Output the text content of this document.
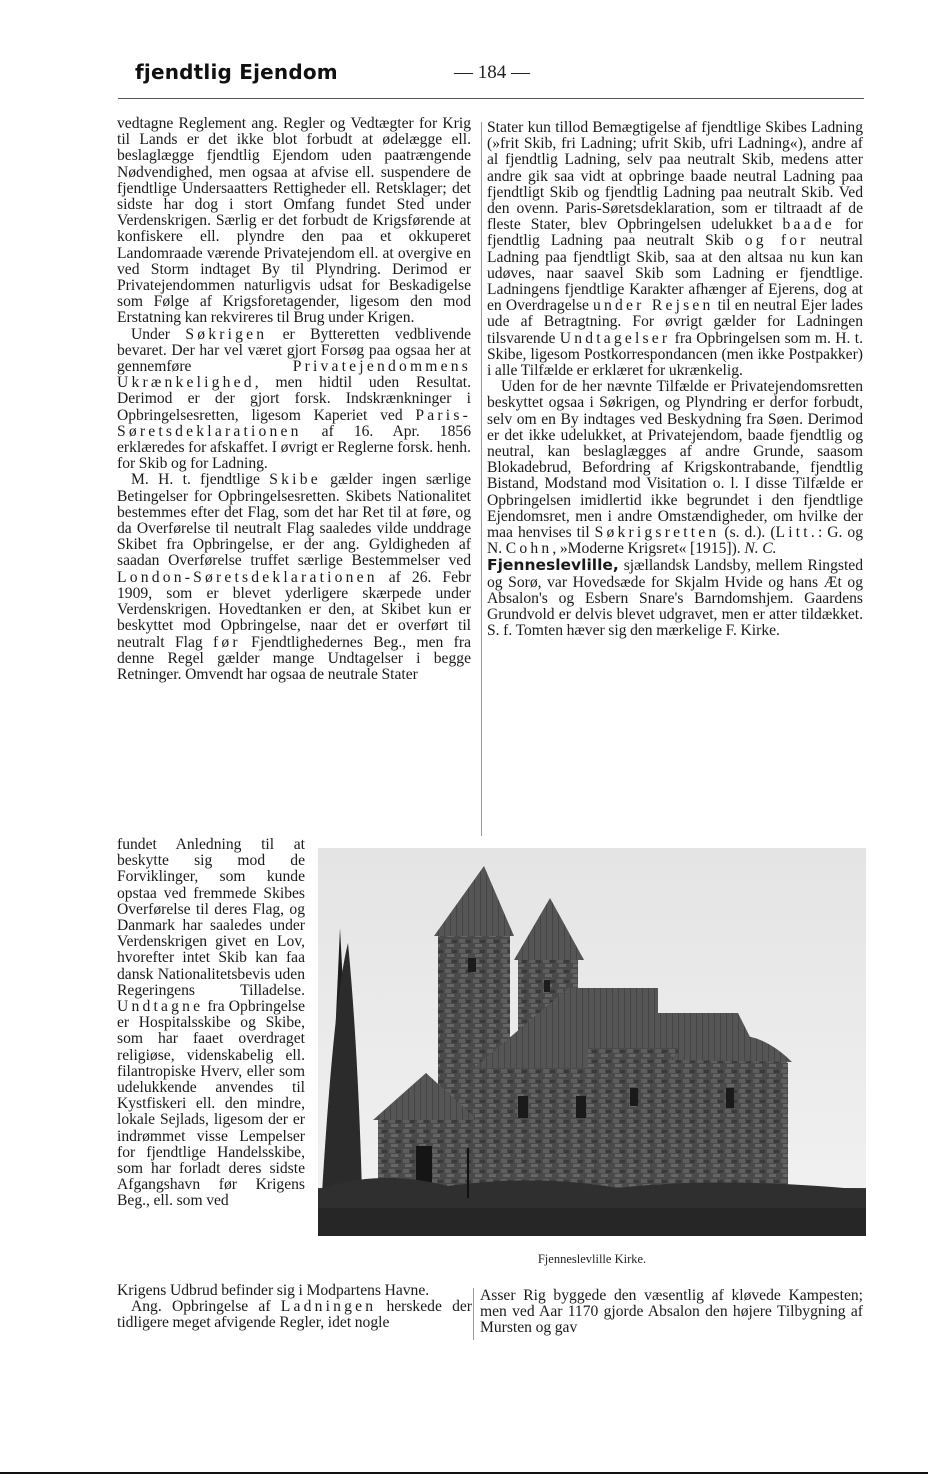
fjendtlig Ejendom	— 184 —

vedtagne Reglement ang. Regler og Vedtægter for Krig til Lands er det ikke blot forbudt at ødelægge ell. beslaglægge fjendtlig Ejendom uden paatrængende Nødvendighed, men ogsaa at afvise ell. suspendere de fjendtlige Undersaatters Rettigheder ell. Retsklager; det sidste har dog i stort Omfang fundet Sted under Verdenskrigen. Særlig er det forbudt de Krigsførende at konfiskere ell. plyndre den paa et okkuperet Landomraade værende Privatejendom ell. at overgive en ved Storm indtaget By til Plyndring. Derimod er Privatejendommen naturligvis udsat for Beskadigelse som Følge af Krigsforetagender, ligesom den mod Erstatning kan rekvireres til Brug under Krigen.

Under Søkrigen er Bytteretten vedblivende bevaret. Der har vel været gjort Forsøg paa ogsaa her at gennemføre Privatejendommens Ukrænkelighed, men hidtil uden Resultat. Derimod er der gjort forsk. Indskrænkninger i Opbringelsesretten, ligesom Kaperiet ved Paris-Søretsdeklarationen af 16. Apr. 1856 erklæredes for afskaffet. I øvrigt er Reglerne forsk. henh. for Skib og for Ladning.

M. H. t. fjendtlige Skibe gælder ingen særlige Betingelser for Opbringelsesretten. Skibets Nationalitet bestemmes efter det Flag, som det har Ret til at føre, og da Overførelse til neutralt Flag saaledes vilde unddrage Skibet fra Opbringelse, er der ang. Gyldigheden af saadan Overførelse truffet særlige Bestemmelser ved London-Søretsdeklarationen af 26. Febr 1909, som er blevet yderligere skærpede under Verdenskrigen. Hovedtanken er den, at Skibet kun er beskyttet mod Opbringelse, naar det er overført til neutralt Flag før Fjendtlighedernes Beg., men fra denne Regel gælder mange Undtagelser i begge Retninger. Omvendt har ogsaa de neutrale Stater

fundet Anledning til at beskytte sig mod de Forviklinger, som kunde opstaa ved fremmede Skibes Overførelse til deres Flag, og Danmark har saaledes under Verdenskrigen givet en Lov, hvorefter intet Skib kan faa dansk Nationalitetsbevis uden Regeringens Tilladelse. Undtagne fra Opbringelse er Hospitalsskibe og Skibe, som har faaet overdraget religiøse, videnskabelig ell. filantropiske Hverv, eller som udelukkende anvendes til Kystfiskeri ell. den mindre, lokale Sejlads, ligesom der er indrømmet visse Lempelser for fjendtlige Handelsskibe, som har forladt deres sidste Afgangshavn før Krigens Beg., ell. som ved

Stater kun tillod Bemægtigelse af fjendtlige Skibes Ladning (»frit Skib, fri Ladning; ufrit Skib, ufri Ladning«), andre af al fjendtlig Ladning, selv paa neutralt Skib, medens atter andre gik saa vidt at opbringe baade neutral Ladning paa fjendtligt Skib og fjendtlig Ladning paa neutralt Skib. Ved den ovenn. Paris-Søretsdeklaration, som er tiltraadt af de fleste Stater, blev Opbringelsen udelukket baade for fjendtlig Ladning paa neutralt Skib og for neutral Ladning paa fjendtligt Skib, saa at den altsaa nu kun kan udøves, naar saavel Skib som Ladning er fjendtlige. Ladningens fjendtlige Karakter afhænger af Ejerens, dog at en Overdragelse under Rejsen til en neutral Ejer lades ude af Betragtning. For øvrigt gælder for Ladningen tilsvarende Undtagelser fra Opbringelsen som m. H. t. Skibe, ligesom Postkorrespondancen (men ikke Postpakker) i alle Tilfælde er erklæret for ukrænkelig.

Uden for de her nævnte Tilfælde er Privatejendomsretten beskyttet ogsaa i Søkrigen, og Plyndring er derfor forbudt, selv om en By indtages ved Beskydning fra Søen. Derimod er det ikke udelukket, at Privatejendom, baade fjendtlig og neutral, kan beslaglægges af andre Grunde, saasom Blokadebrud, Befordring af Krigskontrabande, fjendtlig Bistand, Modstand mod Visitation o. l. I disse Tilfælde er Opbringelsen imidlertid ikke begrundet i den fjendtlige Ejendomsret, men i andre Omstændigheder, om hvilke der maa henvises til Søkrigsretten (s. d.). (Litt.: G. og N. Cohn, »Moderne Krigsret« [1915]). N. C.

Fjenneslevlille, sjællandsk Landsby, mellem Ringsted og Sorø, var Hovedsæde for Skjalm Hvide og hans Æt og Absalon's og Esbern Snare's Barndomshjem. Gaardens Grundvold er delvis blevet udgravet, men er atter tildækket. S. f. Tomten hæver sig den mærkelige F. Kirke.

Fjenneslevlille Kirke.

Krigens Udbrud befinder sig i Modpartens Havne.

Ang. Opbringelse af Ladningen herskede der tidligere meget afvigende Regler, idet nogle

Asser Rig byggede den væsentlig af kløvede Kampesten; men ved Aar 1170 gjorde Absalon den højere Tilbygning af Mursten og gav
